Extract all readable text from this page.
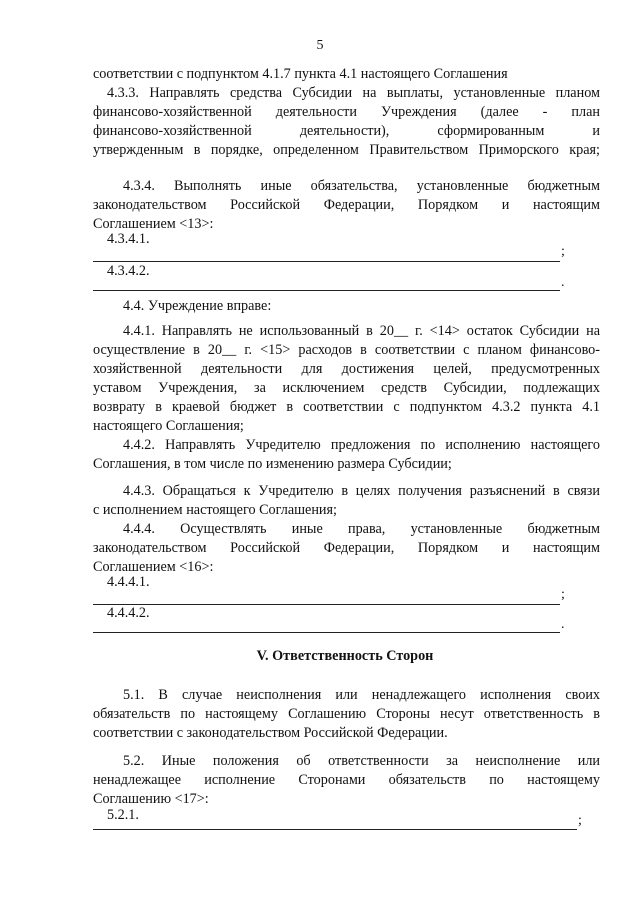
5
соответствии с подпунктом 4.1.7 пункта 4.1 настоящего Соглашения
4.3.3. Направлять средства Субсидии на выплаты, установленные планом
финансово-хозяйственной деятельности Учреждения (далее - план
финансово-хозяйственной деятельности), сформированным и
утвержденным в порядке, определенном Правительством Приморского края;
4.3.4. Выполнять иные обязательства, установленные бюджетным
законодательством Российской Федерации, Порядком и настоящим
Соглашением <13>:
4.3.4.1.
;
4.3.4.2.
.
4.4. Учреждение вправе:
4.4.1. Направлять не использованный в 20__ г. <14> остаток Субсидии на
осуществление в 20__ г. <15> расходов в соответствии с планом финансово-
хозяйственной деятельности для достижения целей, предусмотренных
уставом Учреждения, за исключением средств Субсидии, подлежащих
возврату в краевой бюджет в соответствии с подпунктом 4.3.2 пункта 4.1
настоящего Соглашения;
4.4.2. Направлять Учредителю предложения по исполнению настоящего
Соглашения, в том числе по изменению размера Субсидии;
4.4.3. Обращаться к Учредителю в целях получения разъяснений в связи
с исполнением настоящего Соглашения;
4.4.4. Осуществлять иные права, установленные бюджетным
законодательством Российской Федерации, Порядком и настоящим
Соглашением <16>:
4.4.4.1.
;
4.4.4.2.
.
V. Ответственность Сторон
5.1. В случае неисполнения или ненадлежащего исполнения своих
обязательств по настоящему Соглашению Стороны несут ответственность в
соответствии с законодательством Российской Федерации.
5.2. Иные положения об ответственности за неисполнение или
ненадлежащее исполнение Сторонами обязательств по настоящему
Соглашению <17>:
5.2.1.	;
